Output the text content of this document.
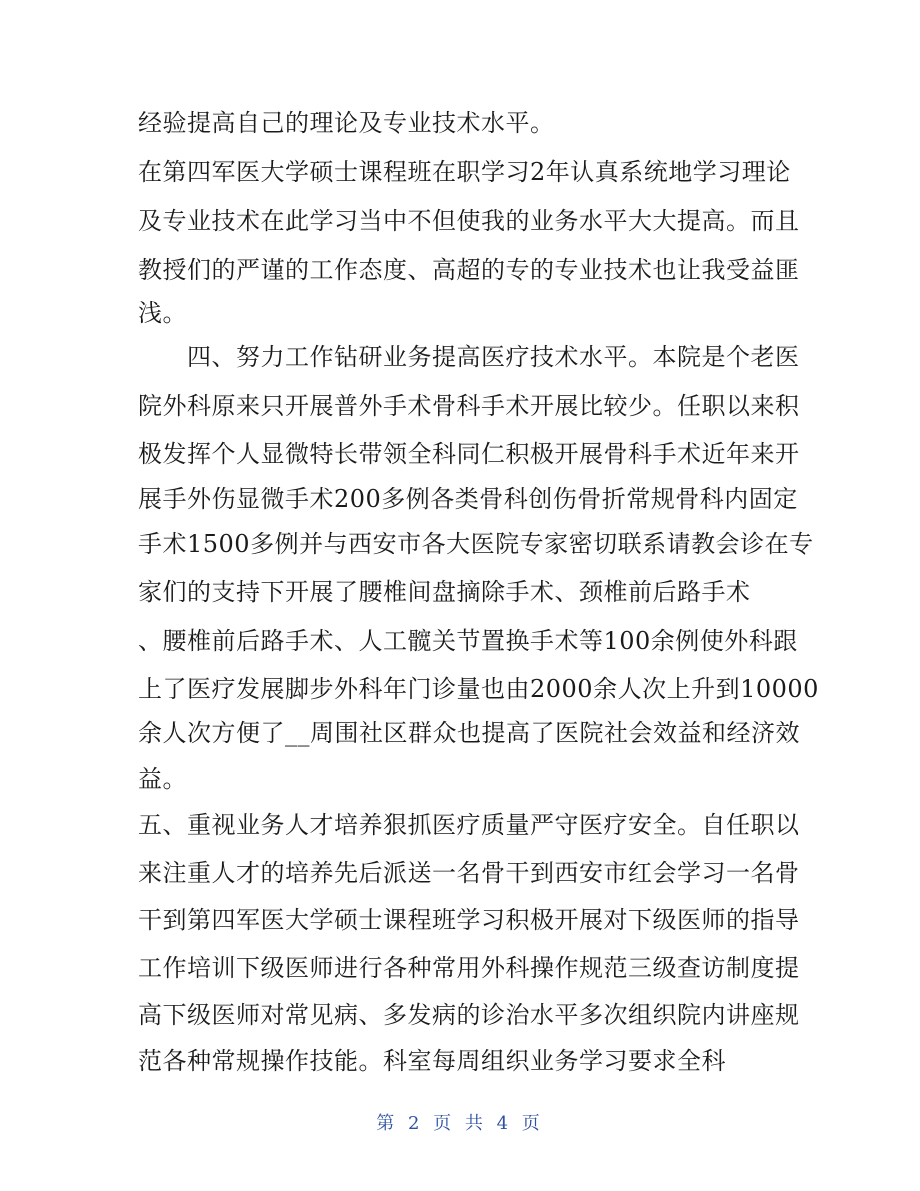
经验提高自己的理论及专业技术水平。
在第四军医大学硕士课程班在职学习2年认真系统地学习理论
及专业技术在此学习当中不但使我的业务水平大大提高。而且
教授们的严谨的工作态度、高超的专的专业技术也让我受益匪
浅。
　　四、努力工作钻研业务提高医疗技术水平。本院是个老医
院外科原来只开展普外手术骨科手术开展比较少。任职以来积
极发挥个人显微特长带领全科同仁积极开展骨科手术近年来开
展手外伤显微手术200多例各类骨科创伤骨折常规骨科内固定
手术1500多例并与西安市各大医院专家密切联系请教会诊在专
家们的支持下开展了腰椎间盘摘除手术、颈椎前后路手术
、腰椎前后路手术、人工髋关节置换手术等100余例使外科跟
上了医疗发展脚步外科年门诊量也由2000余人次上升到10000
余人次方便了__周围社区群众也提高了医院社会效益和经济效
益。
五、重视业务人才培养狠抓医疗质量严守医疗安全。自任职以
来注重人才的培养先后派送一名骨干到西安市红会学习一名骨
干到第四军医大学硕士课程班学习积极开展对下级医师的指导
工作培训下级医师进行各种常用外科操作规范三级查访制度提
高下级医师对常见病、多发病的诊治水平多次组织院内讲座规
范各种常规操作技能。科室每周组织业务学习要求全科
第 2 页 共 4 页
